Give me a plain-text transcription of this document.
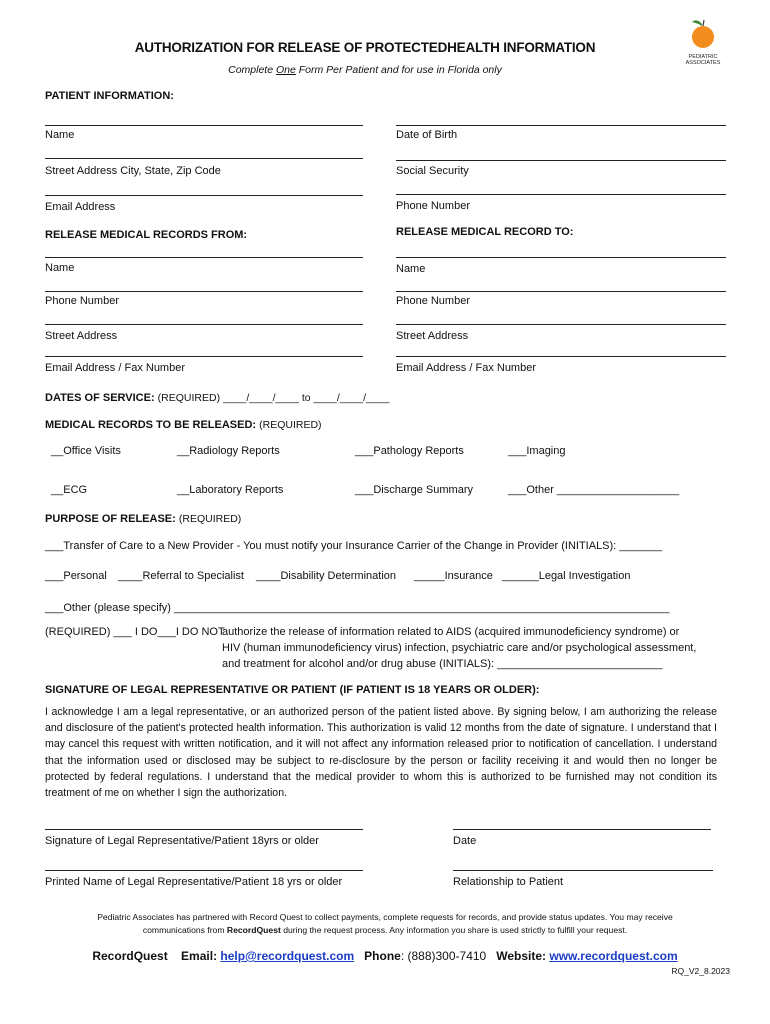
AUTHORIZATION FOR RELEASE OF PROTECTEDHEALTH INFORMATION
Complete One Form Per Patient and for use in Florida only
PEDIATRIC
ASSOCIATES
PATIENT INFORMATION:
Name	Date of Birth
Street Address City, State, Zip Code	Social Security
Email Address	Phone Number
RELEASE MEDICAL RECORDS FROM:	RELEASE MEDICAL RECORD TO:
Name	Name
Phone Number	Phone Number
Street Address	Street Address
Email Address / Fax Number	Email Address / Fax Number
DATES OF SERVICE: (REQUIRED) ____/____/____ to ____/____/____
MEDICAL RECORDS TO BE RELEASED: (REQUIRED)
__Office Visits	__Radiology Reports	___Pathology Reports	___Imaging
__ECG	__Laboratory Reports	___Discharge Summary	___Other ____________________
PURPOSE OF RELEASE: (REQUIRED)
___Transfer of Care to a New Provider - You must notify your Insurance Carrier of the Change in Provider (INITIALS): _______
___Personal ____Referral to Specialist ____Disability Determination _____Insurance ______Legal Investigation
___Other (please specify) _________________________________________________________________________________
(REQUIRED) ___ I DO___I DO NOT
authorize the release of information related to AIDS (acquired immunodeficiency syndrome) or
HIV (human immunodeficiency virus) infection, psychiatric care and/or psychological assessment,
and treatment for alcohol and/or drug abuse (INITIALS): ___________________________
SIGNATURE OF LEGAL REPRESENTATIVE OR PATIENT (IF PATIENT IS 18 YEARS OR OLDER):
I acknowledge I am a legal representative, or an authorized person of the patient listed above. By signing below, I am authorizing the release and disclosure of the patient's protected health information. This authorization is valid 12 months from the date of signature. I understand that I may cancel this request with written notification, and it will not affect any information released prior to notification of cancellation. I understand that the information used or disclosed may be subject to re-disclosure by the person or facility receiving it and would then no longer be protected by federal regulations. I understand that the medical provider to whom this is authorized to be furnished may not condition its treatment of me on whether I sign the authorization.
Signature of Legal Representative/Patient 18yrs or older	Date
Printed Name of Legal Representative/Patient 18 yrs or older	Relationship to Patient
Pediatric Associates has partnered with Record Quest to collect payments, complete requests for records, and provide status updates. You may receive
communications from RecordQuest during the request process. Any information you share is used strictly to fulfill your request.
RecordQuest Email: help@recordquest.com Phone: (888)300-7410 Website: www.recordquest.com
RQ_V2_8.2023
